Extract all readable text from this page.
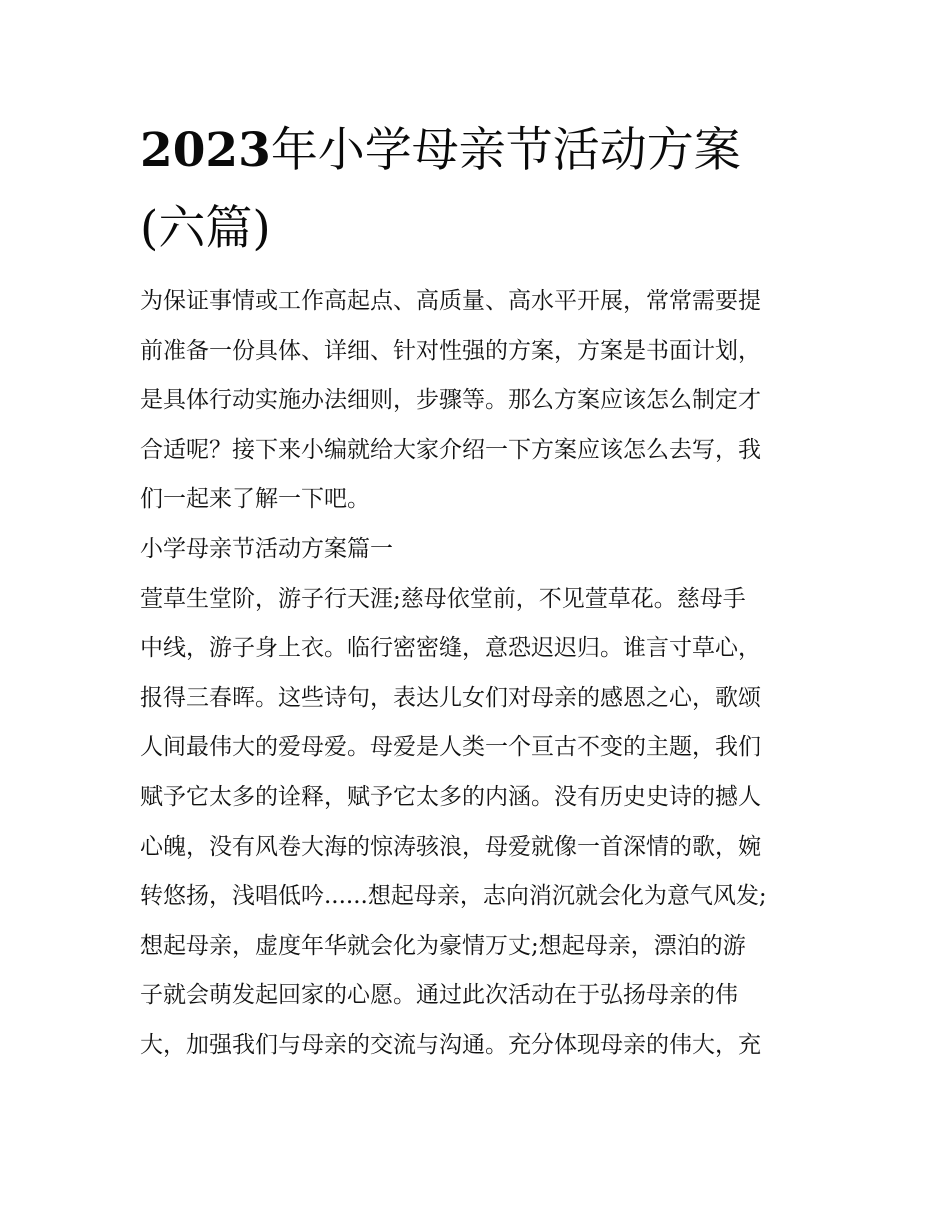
2023年小学母亲节活动方案
(六篇)

为保证事情或工作高起点、高质量、高水平开展，常常需要提
前准备一份具体、详细、针对性强的方案，方案是书面计划，
是具体行动实施办法细则，步骤等。那么方案应该怎么制定才
合适呢？接下来小编就给大家介绍一下方案应该怎么去写，我
们一起来了解一下吧。

小学母亲节活动方案篇一

萱草生堂阶，游子行天涯;慈母依堂前，不见萱草花。慈母手
中线，游子身上衣。临行密密缝，意恐迟迟归。谁言寸草心，
报得三春晖。这些诗句，表达儿女们对母亲的感恩之心，歌颂
人间最伟大的爱母爱。母爱是人类一个亘古不变的主题，我们
赋予它太多的诠释，赋予它太多的内涵。没有历史史诗的撼人
心魄，没有风卷大海的惊涛骇浪，母爱就像一首深情的歌，婉
转悠扬，浅唱低吟......想起母亲，志向消沉就会化为意气风发;
想起母亲，虚度年华就会化为豪情万丈;想起母亲，漂泊的游
子就会萌发起回家的心愿。通过此次活动在于弘扬母亲的伟
大，加强我们与母亲的交流与沟通。充分体现母亲的伟大，充
